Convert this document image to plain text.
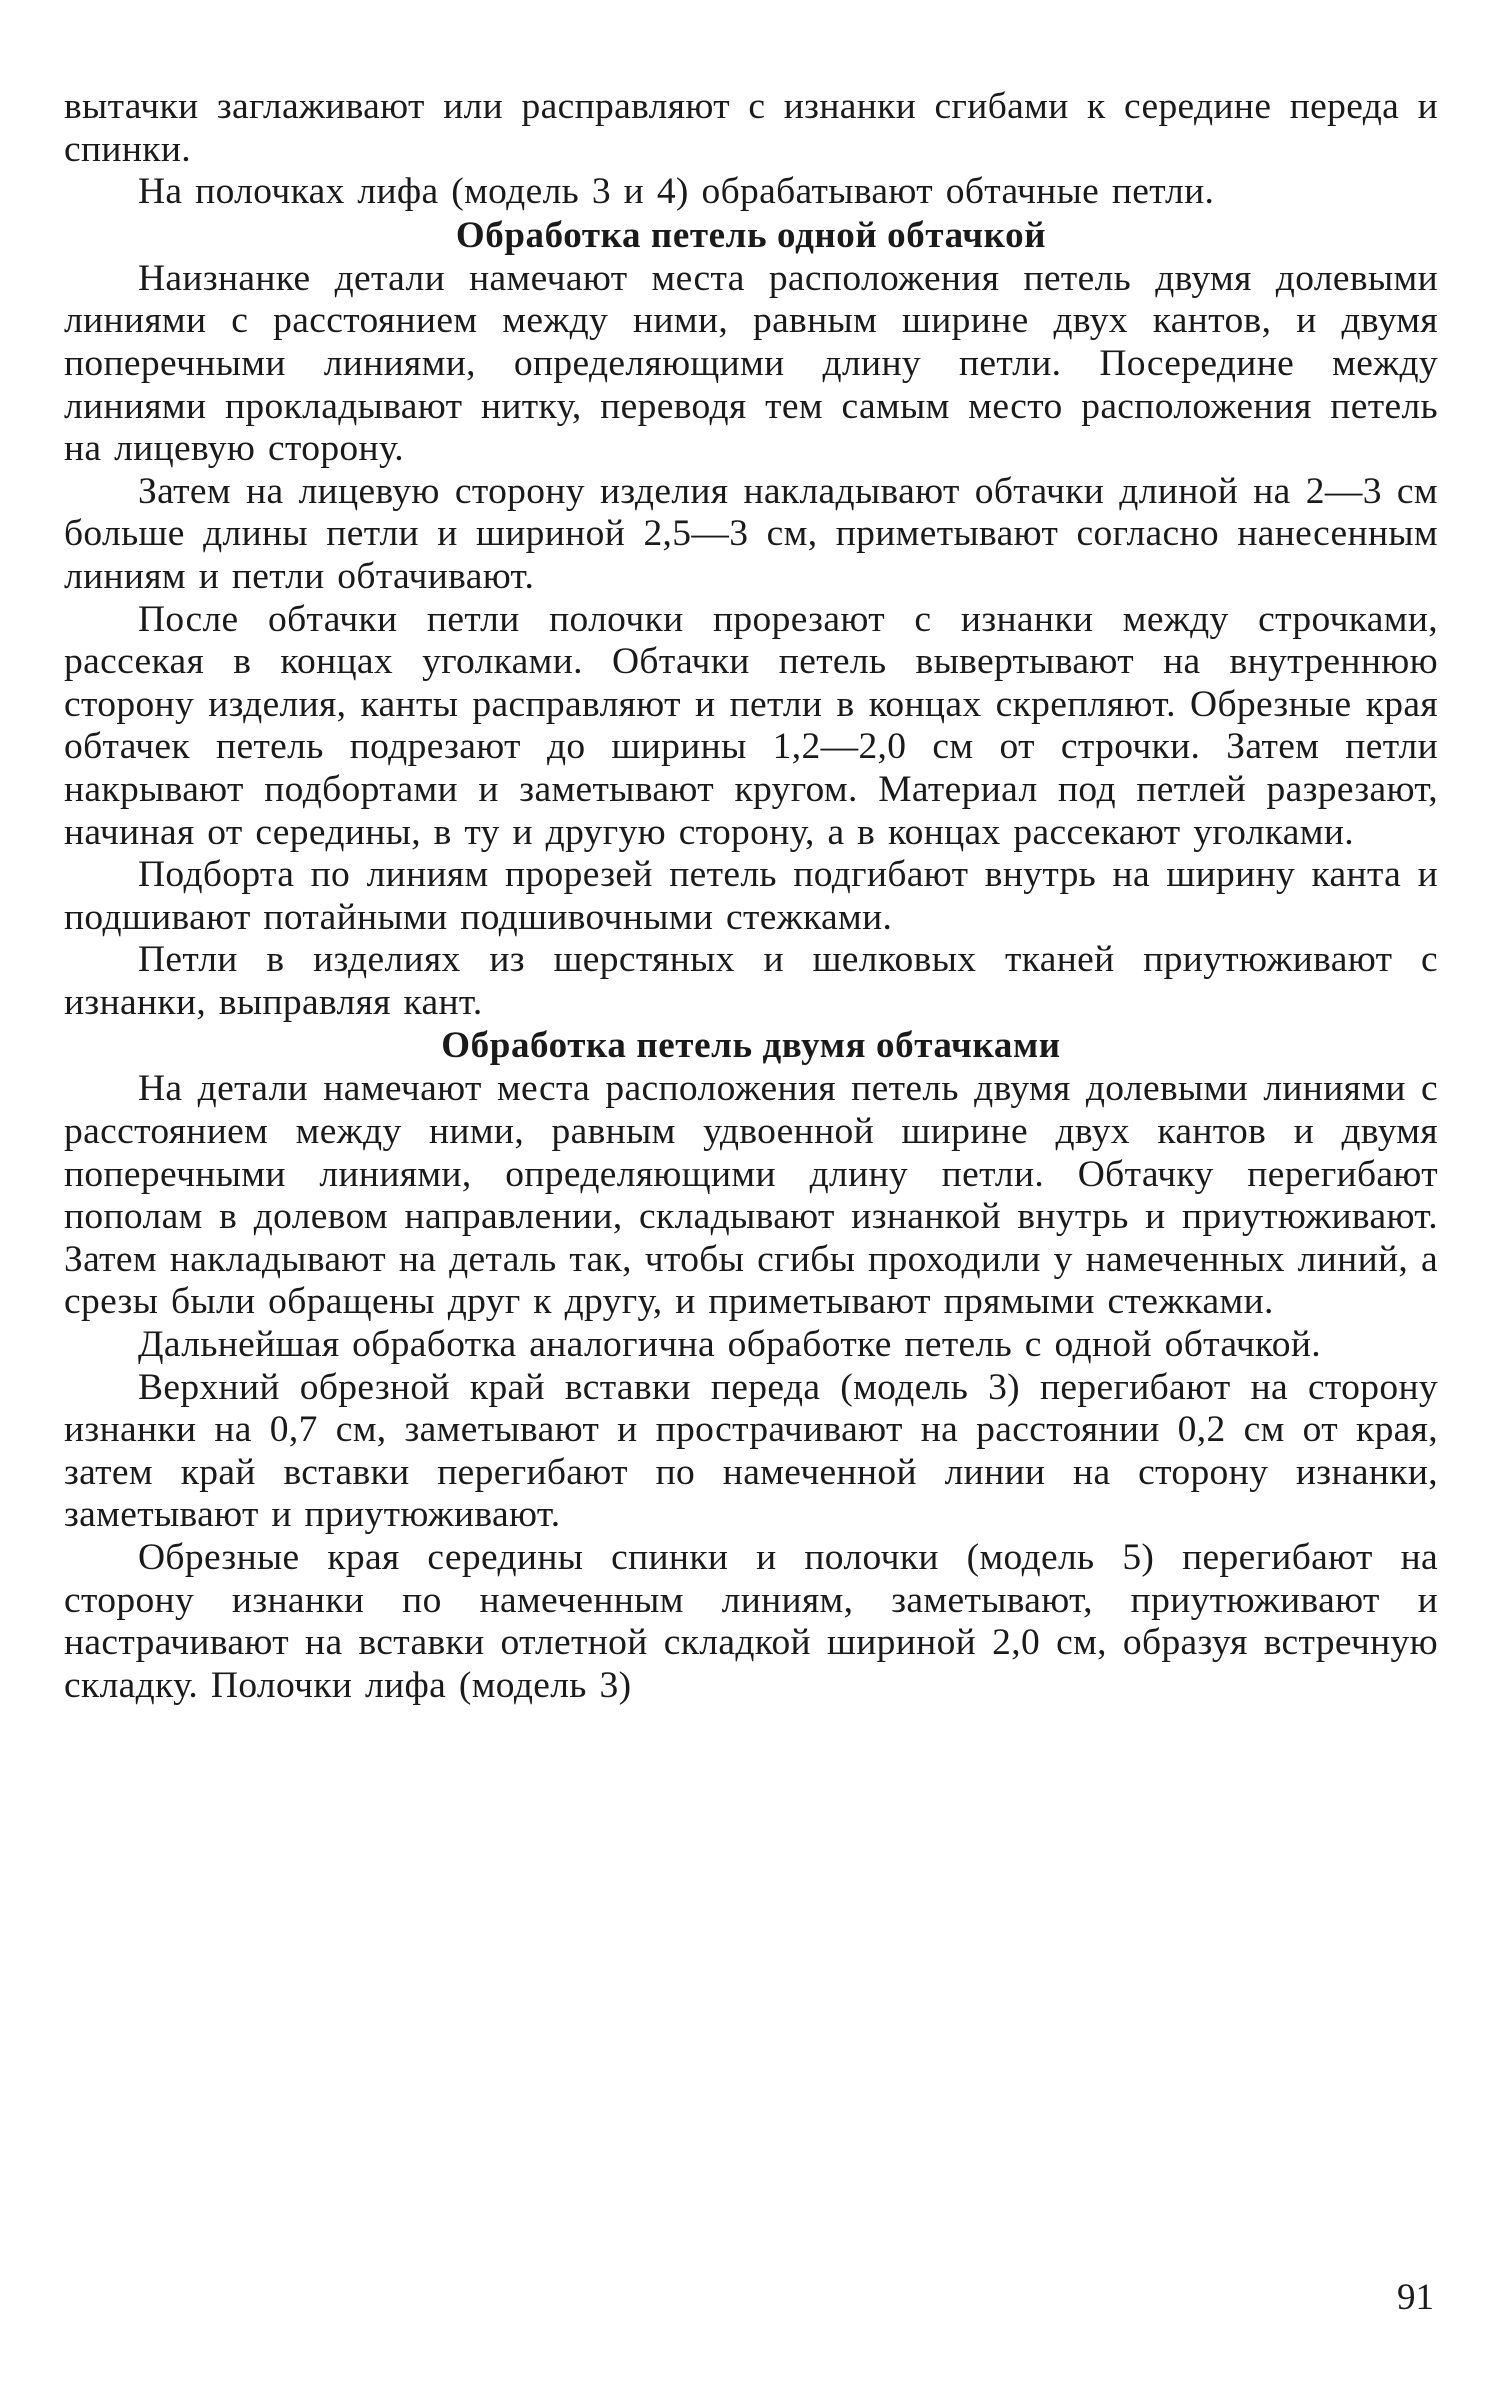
вытачки заглаживают или расправляют с изнанки сгибами к середине переда и спинки.

На полочках лифа (модель 3 и 4) обрабатывают обтачные петли.

Обработка петель одной обтачкой

Наизнанке детали намечают места расположения петель двумя долевыми линиями с расстоянием между ними, равным ширине двух кантов, и двумя поперечными линиями, определяющими длину петли. Посередине между линиями прокладывают нитку, переводя тем самым место расположения петель на лицевую сторону.

Затем на лицевую сторону изделия накладывают обтачки длиной на 2—3 см больше длины петли и шириной 2,5—3 см, приметывают согласно нанесенным линиям и петли обтачивают.

После обтачки петли полочки прорезают с изнанки между строчками, рассекая в концах уголками. Обтачки петель вывертывают на внутреннюю сторону изделия, канты расправляют и петли в концах скрепляют. Обрезные края обтачек петель подрезают до ширины 1,2—2,0 см от строчки. Затем петли накрывают подбортами и заметывают кругом. Материал под петлей разрезают, начиная от середины, в ту и другую сторону, а в концах рассекают уголками.

Подборта по линиям прорезей петель подгибают внутрь на ширину канта и подшивают потайными подшивочными стежками.

Петли в изделиях из шерстяных и шелковых тканей приутюживают с изнанки, выправляя кант.

Обработка петель двумя обтачками

На детали намечают места расположения петель двумя долевыми линиями с расстоянием между ними, равным удвоенной ширине двух кантов и двумя поперечными линиями, определяющими длину петли. Обтачку перегибают пополам в долевом направлении, складывают изнанкой внутрь и приутюживают. Затем накладывают на деталь так, чтобы сгибы проходили у намеченных линий, а срезы были обращены друг к другу, и приметывают прямыми стежками.

Дальнейшая обработка аналогична обработке петель с одной обтачкой.

Верхний обрезной край вставки переда (модель 3) перегибают на сторону изнанки на 0,7 см, заметывают и прострачивают на расстоянии 0,2 см от края, затем край вставки перегибают по намеченной линии на сторону изнанки, заметывают и приутюживают.

Обрезные края середины спинки и полочки (модель 5) перегибают на сторону изнанки по намеченным линиям, заметывают, приутюживают и настрачивают на вставки отлетной складкой шириной 2,0 см, образуя встречную складку. Полочки лифа (модель 3)

91
